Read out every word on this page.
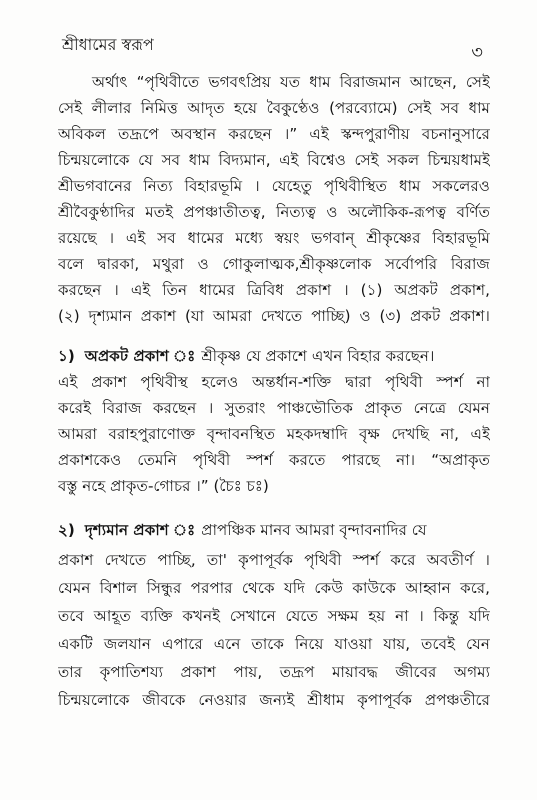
শ্রীধামের স্বরূপ	৩
অর্থাৎ “পৃথিবীতে ভগবৎপ্রিয় যত ধাম বিরাজমান আছেন, সেই
সেই লীলার নিমিত্ত আদৃত হয়ে বৈকুণ্ঠেও (পরব্যোমে) সেই সব ধাম
অবিকল তদ্রূপে অবস্থান করছেন ।” এই স্কন্দপুরাণীয় বচনানুসারে
চিন্ময়লোকে যে সব ধাম বিদ্যমান, এই বিশ্বেও সেই সকল চিন্ময়ধামই
শ্রীভগবানের নিত্য বিহারভূমি । যেহেতু পৃথিবীস্থিত ধাম সকলেরও
শ্রীবৈকুণ্ঠাদির মতই প্রপঞ্চাতীতত্ব, নিত্যত্ব ও অলৌকিক-রূপত্ব বর্ণিত
রয়েছে । এই সব ধামের মধ্যে স্বয়ং ভগবান্ শ্রীকৃষ্ণের বিহারভূমি
বলে দ্বারকা, মথুরা ও গোকুলাত্মক,শ্রীকৃষ্ণলোক সর্বোপরি বিরাজ
করছেন । এই তিন ধামের ত্রিবিধ প্রকাশ । (১) অপ্রকট প্রকাশ,
(২) দৃশ্যমান প্রকাশ (যা আমরা দেখতে পাচ্ছি) ও (৩) প্রকট প্রকাশ।
১) অপ্রকট প্রকাশ ঃ শ্রীকৃষ্ণ যে প্রকাশে এখন বিহার করছেন।
এই প্রকাশ পৃথিবীস্থ হলেও অন্তর্ধান-শক্তি দ্বারা পৃথিবী স্পর্শ না
করেই বিরাজ করছেন । সুতরাং পাঞ্চভৌতিক প্রাকৃত নেত্রে যেমন
আমরা বরাহপুরাণোক্ত বৃন্দাবনস্থিত মহকদম্বাদি বৃক্ষ দেখছি না, এই
প্রকাশকেও তেমনি পৃথিবী স্পর্শ করতে পারছে না। “অপ্রাকৃত
বস্তু নহে প্রাকৃত-গোচর ।” (চৈঃ চঃ)
২) দৃশ্যমান প্রকাশ ঃ প্রাপঞ্চিক মানব আমরা বৃন্দাবনাদির যে
প্রকাশ দেখতে পাচ্ছি, তা' কৃপাপূর্বক পৃথিবী স্পর্শ করে অবতীর্ণ ।
যেমন বিশাল সিন্ধুর পরপার থেকে যদি কেউ কাউকে আহ্বান করে,
তবে আহূত ব্যক্তি কখনই সেখানে যেতে সক্ষম হয় না । কিন্তু যদি
একটি জলযান এপারে এনে তাকে নিয়ে যাওয়া যায়, তবেই যেন
তার কৃপাতিশয্য প্রকাশ পায়, তদ্রূপ মায়াবদ্ধ জীবের অগম্য
চিন্ময়লোকে জীবকে নেওয়ার জন্যই শ্রীধাম কৃপাপূর্বক প্রপঞ্চতীরে
